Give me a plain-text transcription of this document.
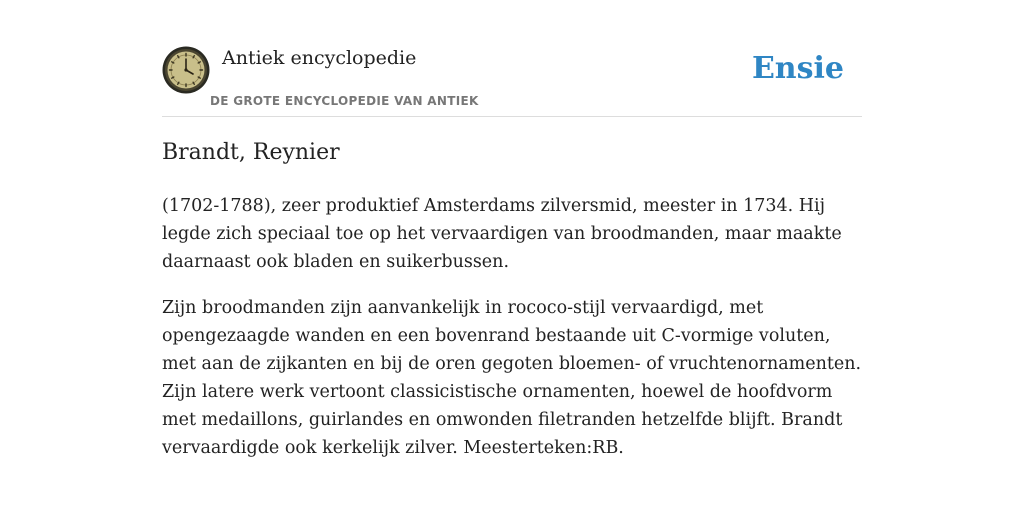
Antiek encyclopedie
DE GROTE ENCYCLOPEDIE VAN ANTIEK
Ensie
Brandt, Reynier

(1702-1788), zeer produktief Amsterdams zilversmid, meester in 1734. Hij legde zich speciaal toe op het vervaardigen van broodmanden, maar maakte daarnaast ook bladen en suikerbussen.

Zijn broodmanden zijn aanvankelijk in rococo-stijl vervaardigd, met opengezaagde wanden en een bovenrand bestaande uit C-vormige voluten, met aan de zijkanten en bij de oren gegoten bloemen- of vruchtenornamenten. Zijn latere werk vertoont classicistische ornamenten, hoewel de hoofdvorm met medaillons, guirlandes en omwonden filetranden hetzelfde blijft. Brandt vervaardigde ook kerkelijk zilver. Meesterteken:RB.
